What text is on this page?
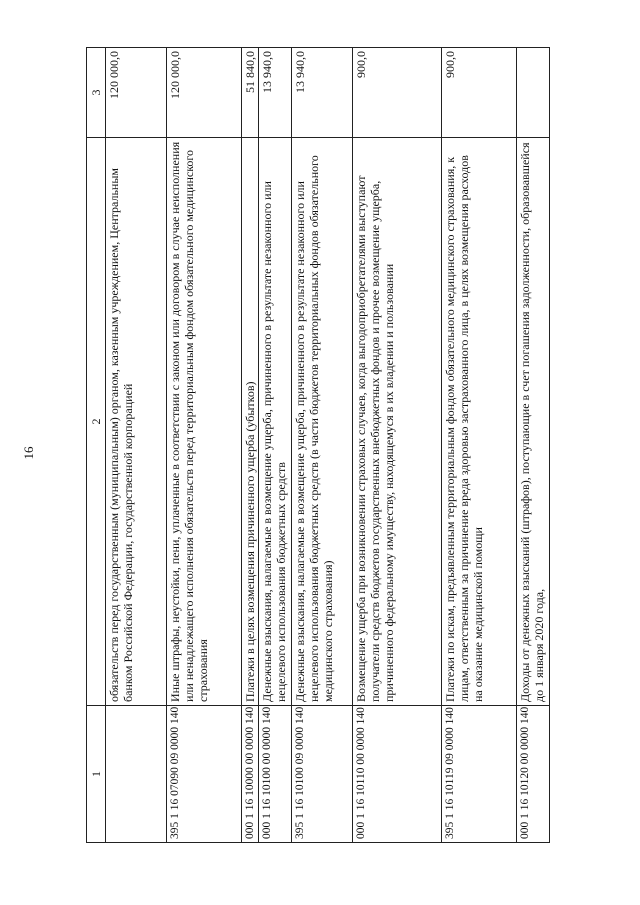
16
1	2	3
	обязательств перед государственным (муниципальным) органом, казенным учреждением, Центральным банком Российской Федерации, государственной корпорацией	120 000,0
395 1 16 07090 09 0000 140	Иные штрафы, неустойки, пени, уплаченные в соответствии с законом или договором в случае неисполнения или ненадлежащего исполнения обязательств перед территориальным фондом обязательного медицинского страхования	120 000,0
000 1 16 10000 00 0000 140	Платежи в целях возмещения причиненного ущерба (убытков)	51 840,0
000 1 16 10100 00 0000 140	Денежные взыскания, налагаемые в возмещение ущерба, причиненного в результате незаконного или нецелевого использования бюджетных средств	13 940,0
395 1 16 10100 09 0000 140	Денежные взыскания, налагаемые в возмещение ущерба, причиненного в результате незаконного или нецелевого использования бюджетных средств (в части бюджетов территориальных фондов обязательного медицинского страхования)	13 940,0
000 1 16 10110 00 0000 140	Возмещение ущерба при возникновении страховых случаев, когда выгодоприобретателями выступают получатели средств бюджетов государственных внебюджетных фондов и прочее возмещение ущерба, причиненного федеральному имуществу, находящемуся в их владении и пользовании	900,0
395 1 16 10119 09 0000 140	Платежи по искам, предъявленным территориальным фондом обязательного медицинского страхования, к лицам, ответственным за причинение вреда здоровью застрахованного лица, в целях возмещения расходов на оказание медицинской помощи	900,0
000 1 16 10120 00 0000 140	Доходы от денежных взысканий (штрафов), поступающие в счет погашения задолженности, образовавшейся до 1 января 2020 года,	
